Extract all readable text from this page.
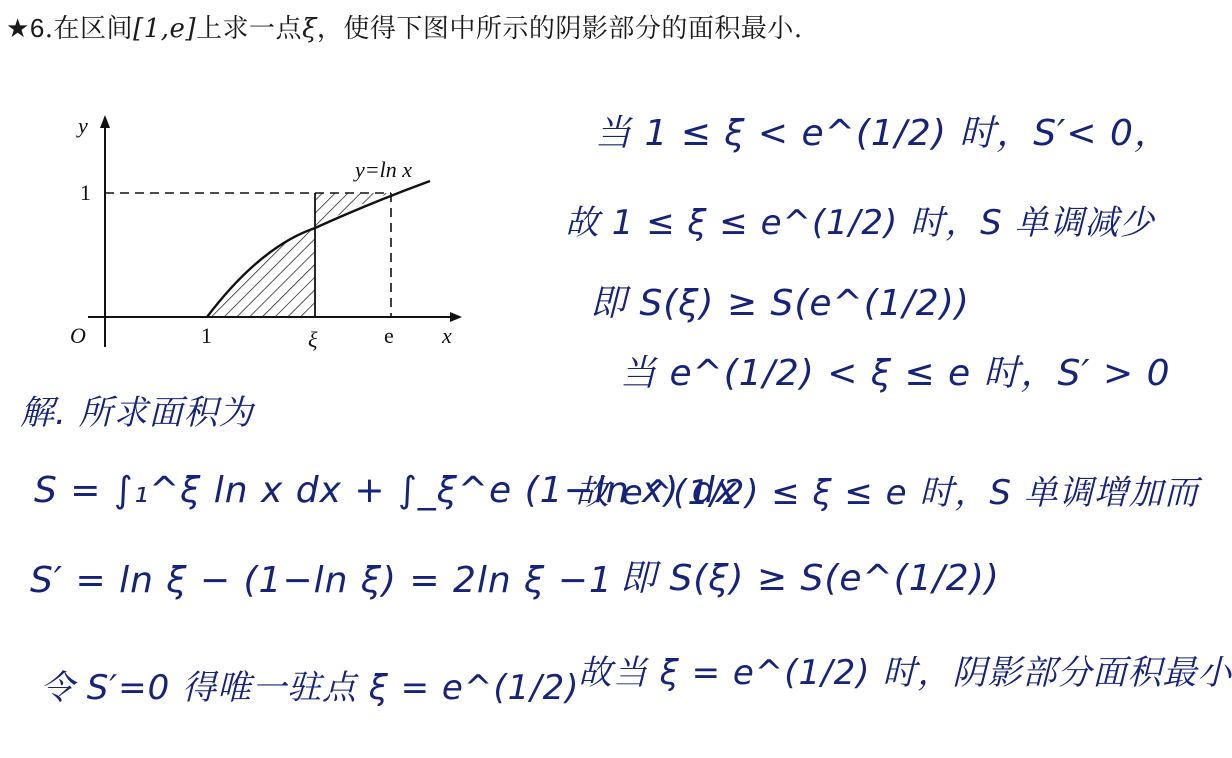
★6.在区间[1,e]上求一点ξ，使得下图中所示的阴影部分的面积最小.
y
y=ln x
1
O	1	ξ	e x
解. 所求面积为
S = ∫₁^ξ ln x dx + ∫_ξ^e (1−ln x) dx
S′ = ln ξ − (1−ln ξ) = 2ln ξ −1
令 S′=0 得唯一驻点 ξ = e^(1/2)
当 1 ≤ ξ < e^(1/2) 时，S′< 0，
故 1 ≤ ξ ≤ e^(1/2) 时，S 单调减少
即 S(ξ) ≥ S(e^(1/2))
当 e^(1/2) < ξ ≤ e 时，S′ > 0
故 e^(1/2) ≤ ξ ≤ e 时，S 单调增加而
即 S(ξ) ≥ S(e^(1/2))
故当 ξ = e^(1/2) 时，阴影部分面积最小
